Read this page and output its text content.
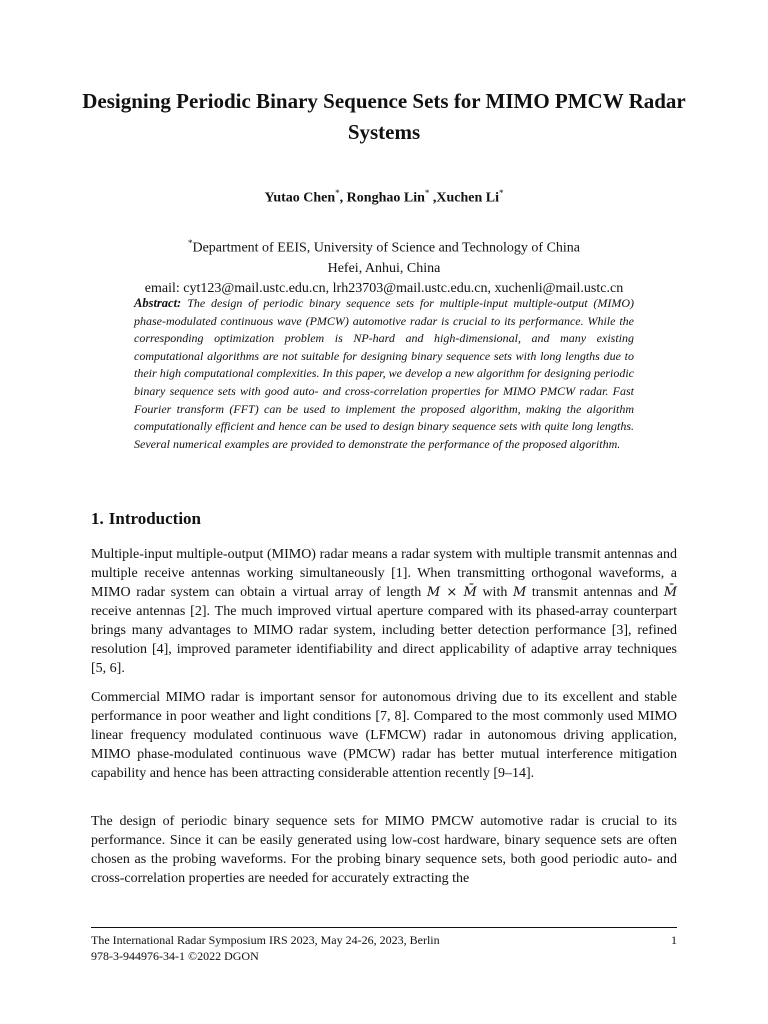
Designing Periodic Binary Sequence Sets for MIMO PMCW Radar Systems
Yutao Chen*, Ronghao Lin* ,Xuchen Li*
*Department of EEIS, University of Science and Technology of China
Hefei, Anhui, China
email: cyt123@mail.ustc.edu.cn, lrh23703@mail.ustc.edu.cn, xuchenli@mail.ustc.cn
Abstract: The design of periodic binary sequence sets for multiple-input multiple-output (MIMO) phase-modulated continuous wave (PMCW) automotive radar is crucial to its performance. While the corresponding optimization problem is NP-hard and high-dimensional, and many existing computational algorithms are not suitable for designing binary sequence sets with long lengths due to their high computational complexities. In this paper, we develop a new algorithm for designing periodic binary sequence sets with good auto- and cross-correlation properties for MIMO PMCW radar. Fast Fourier transform (FFT) can be used to implement the proposed algorithm, making the algorithm computationally efficient and hence can be used to design binary sequence sets with quite long lengths. Several numerical examples are provided to demonstrate the performance of the proposed algorithm.
1. Introduction

Multiple-input multiple-output (MIMO) radar means a radar system with multiple transmit antennas and multiple receive antennas working simultaneously [1]. When transmitting orthogonal waveforms, a MIMO radar system can obtain a virtual array of length M × M̄ with M transmit antennas and M̄ receive antennas [2]. The much improved virtual aperture compared with its phased-array counterpart brings many advantages to MIMO radar system, including better detection performance [3], refined resolution [4], improved parameter identifiability and direct applicability of adaptive array techniques [5, 6].

Commercial MIMO radar is important sensor for autonomous driving due to its excellent and stable performance in poor weather and light conditions [7, 8]. Compared to the most commonly used MIMO linear frequency modulated continuous wave (LFMCW) radar in autonomous driving application, MIMO phase-modulated continuous wave (PMCW) radar has better mutual interference mitigation capability and hence has been attracting considerable attention recently [9–14].

The design of periodic binary sequence sets for MIMO PMCW automotive radar is crucial to its performance. Since it can be easily generated using low-cost hardware, binary sequence sets are often chosen as the probing waveforms. For the probing binary sequence sets, both good periodic auto- and cross-correlation properties are needed for accurately extracting the

The International Radar Symposium IRS 2023, May 24-26, 2023, Berlin
978-3-944976-34-1 ©2022 DGON
1
